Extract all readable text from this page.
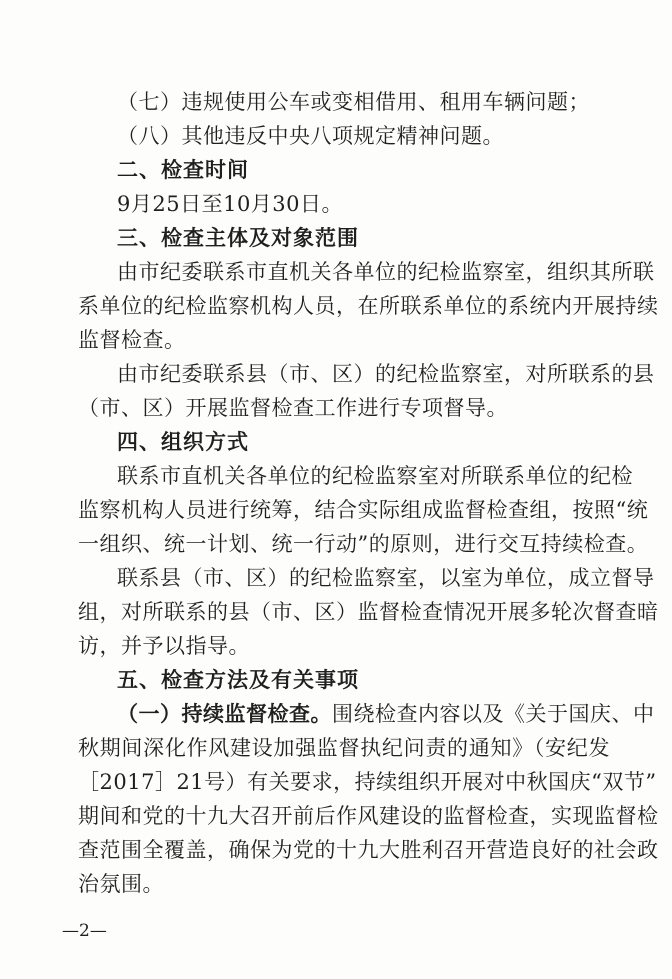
（七）违规使用公车或变相借用、租用车辆问题；
（八）其他违反中央八项规定精神问题。
二、检查时间
9月25日至10月30日。
三、检查主体及对象范围
由市纪委联系市直机关各单位的纪检监察室，组织其所联
系单位的纪检监察机构人员，在所联系单位的系统内开展持续
监督检查。
由市纪委联系县（市、区）的纪检监察室，对所联系的县
（市、区）开展监督检查工作进行专项督导。
四、组织方式
联系市直机关各单位的纪检监察室对所联系单位的纪检
监察机构人员进行统筹，结合实际组成监督检查组，按照“统
一组织、统一计划、统一行动”的原则，进行交互持续检查。
联系县（市、区）的纪检监察室，以室为单位，成立督导
组，对所联系的县（市、区）监督检查情况开展多轮次督查暗
访，并予以指导。
五、检查方法及有关事项
（一）持续监督检查。围绕检查内容以及《关于国庆、中
秋期间深化作风建设加强监督执纪问责的通知》（安纪发
［2017］21号）有关要求，持续组织开展对中秋国庆“双节”
期间和党的十九大召开前后作风建设的监督检查，实现监督检
查范围全覆盖，确保为党的十九大胜利召开营造良好的社会政
治氛围。
—2—
